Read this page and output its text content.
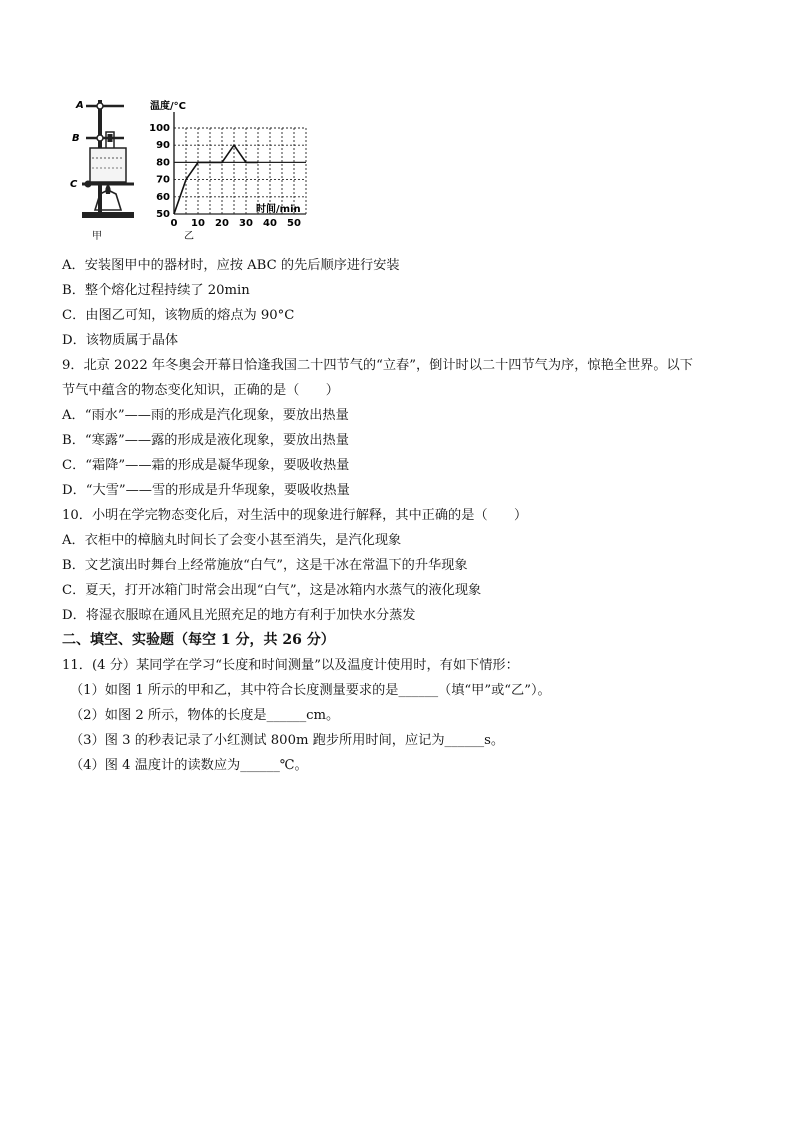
A
B
C
甲
温度/°C
时间/min
乙
100
90
80
70
60
50
0 10 20 30 40 50
A．安装图甲中的器材时，应按 ABC 的先后顺序进行安装
B．整个熔化过程持续了 20min
C．由图乙可知，该物质的熔点为 90°C
D．该物质属于晶体
9．北京 2022 年冬奥会开幕日恰逢我国二十四节气的“立春”，倒计时以二十四节气为序，惊艳全世界。以下
节气中蕴含的物态变化知识，正确的是（　　）
A．“雨水”——雨的形成是汽化现象，要放出热量
B．“寒露”——露的形成是液化现象，要放出热量
C．“霜降”——霜的形成是凝华现象，要吸收热量
D．“大雪”——雪的形成是升华现象，要吸收热量
10．小明在学完物态变化后，对生活中的现象进行解释，其中正确的是（　　）
A．衣柜中的樟脑丸时间长了会变小甚至消失，是汽化现象
B．文艺演出时舞台上经常施放“白气”，这是干冰在常温下的升华现象
C．夏天，打开冰箱门时常会出现“白气”，这是冰箱内水蒸气的液化现象
D．将湿衣服晾在通风且光照充足的地方有利于加快水分蒸发
二、填空、实验题（每空 1 分，共 26 分）
11．(4 分）某同学在学习“长度和时间测量”以及温度计使用时，有如下情形：
（1）如图 1 所示的甲和乙，其中符合长度测量要求的是______（填“甲”或“乙”）。
（2）如图 2 所示，物体的长度是______cm。
（3）图 3 的秒表记录了小红测试 800m 跑步所用时间，应记为______s。
（4）图 4 温度计的读数应为______℃。
